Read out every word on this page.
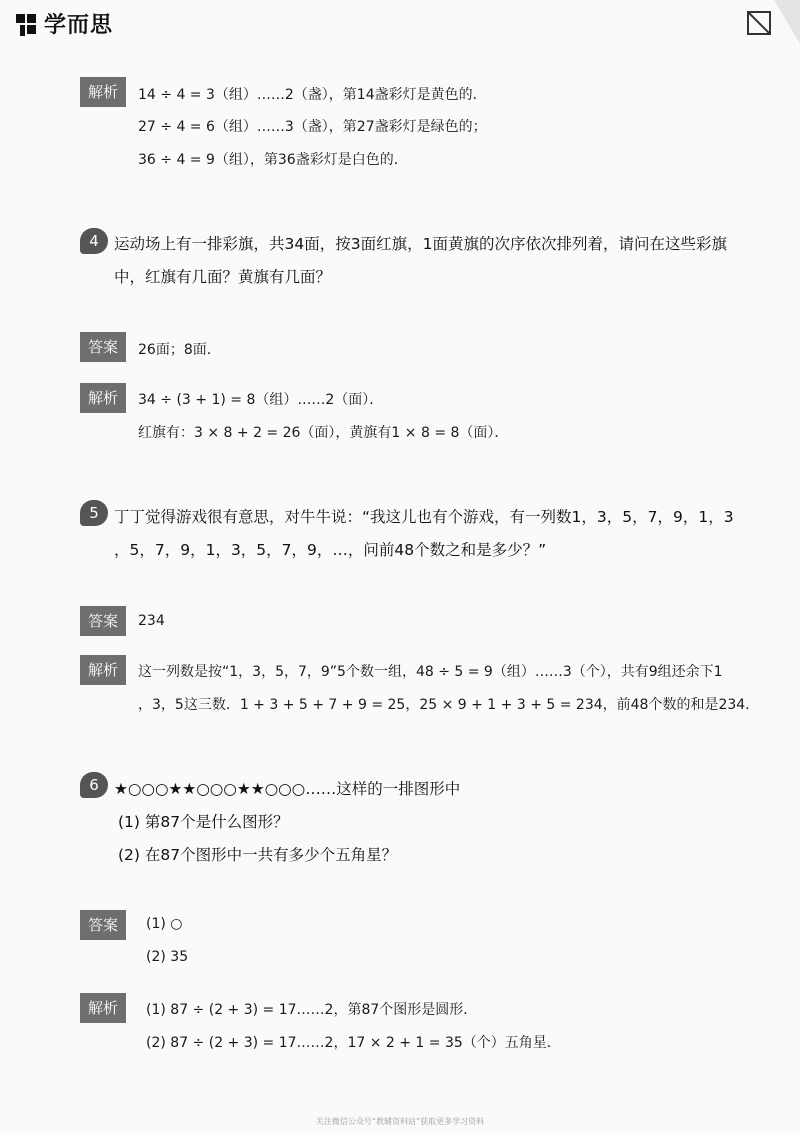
学而思
解析	14 ÷ 4 = 3（组）……2（盏），第14盏彩灯是黄色的．
27 ÷ 4 = 6（组）……3（盏），第27盏彩灯是绿色的；
36 ÷ 4 = 9（组），第36盏彩灯是白色的．
4 运动场上有一排彩旗，共34面，按3面红旗，1面黄旗的次序依次排列着，请问在这些彩旗
中，红旗有几面？黄旗有几面？
答案	26面；8面．
解析	34 ÷ (3 + 1) = 8（组）……2（面）．
红旗有：3 × 8 + 2 = 26（面），黄旗有1 × 8 = 8（面）．
5 丁丁觉得游戏很有意思，对牛牛说：“我这儿也有个游戏，有一列数1，3，5，7，9，1，3
，5，7，9，1，3，5，7，9，…，问前48个数之和是多少？”
答案	234
解析	这一列数是按“1，3，5，7，9”5个数一组，48 ÷ 5 = 9（组）……3（个），共有9组还余下1
，3，5这三数．1 + 3 + 5 + 7 + 9 = 25，25 × 9 + 1 + 3 + 5 = 234，前48个数的和是234．
6 ★○○○★★○○○★★○○○……这样的一排图形中
(1) 第87个是什么图形？
(2) 在87个图形中一共有多少个五角星？
答案	(1) ○
(2) 35
解析	(1) 87 ÷ (2 + 3) = 17……2，第87个图形是圆形．
(2) 87 ÷ (2 + 3) = 17……2，17 × 2 + 1 = 35（个）五角星．
关注微信公众号“教辅资料站”获取更多学习资料
